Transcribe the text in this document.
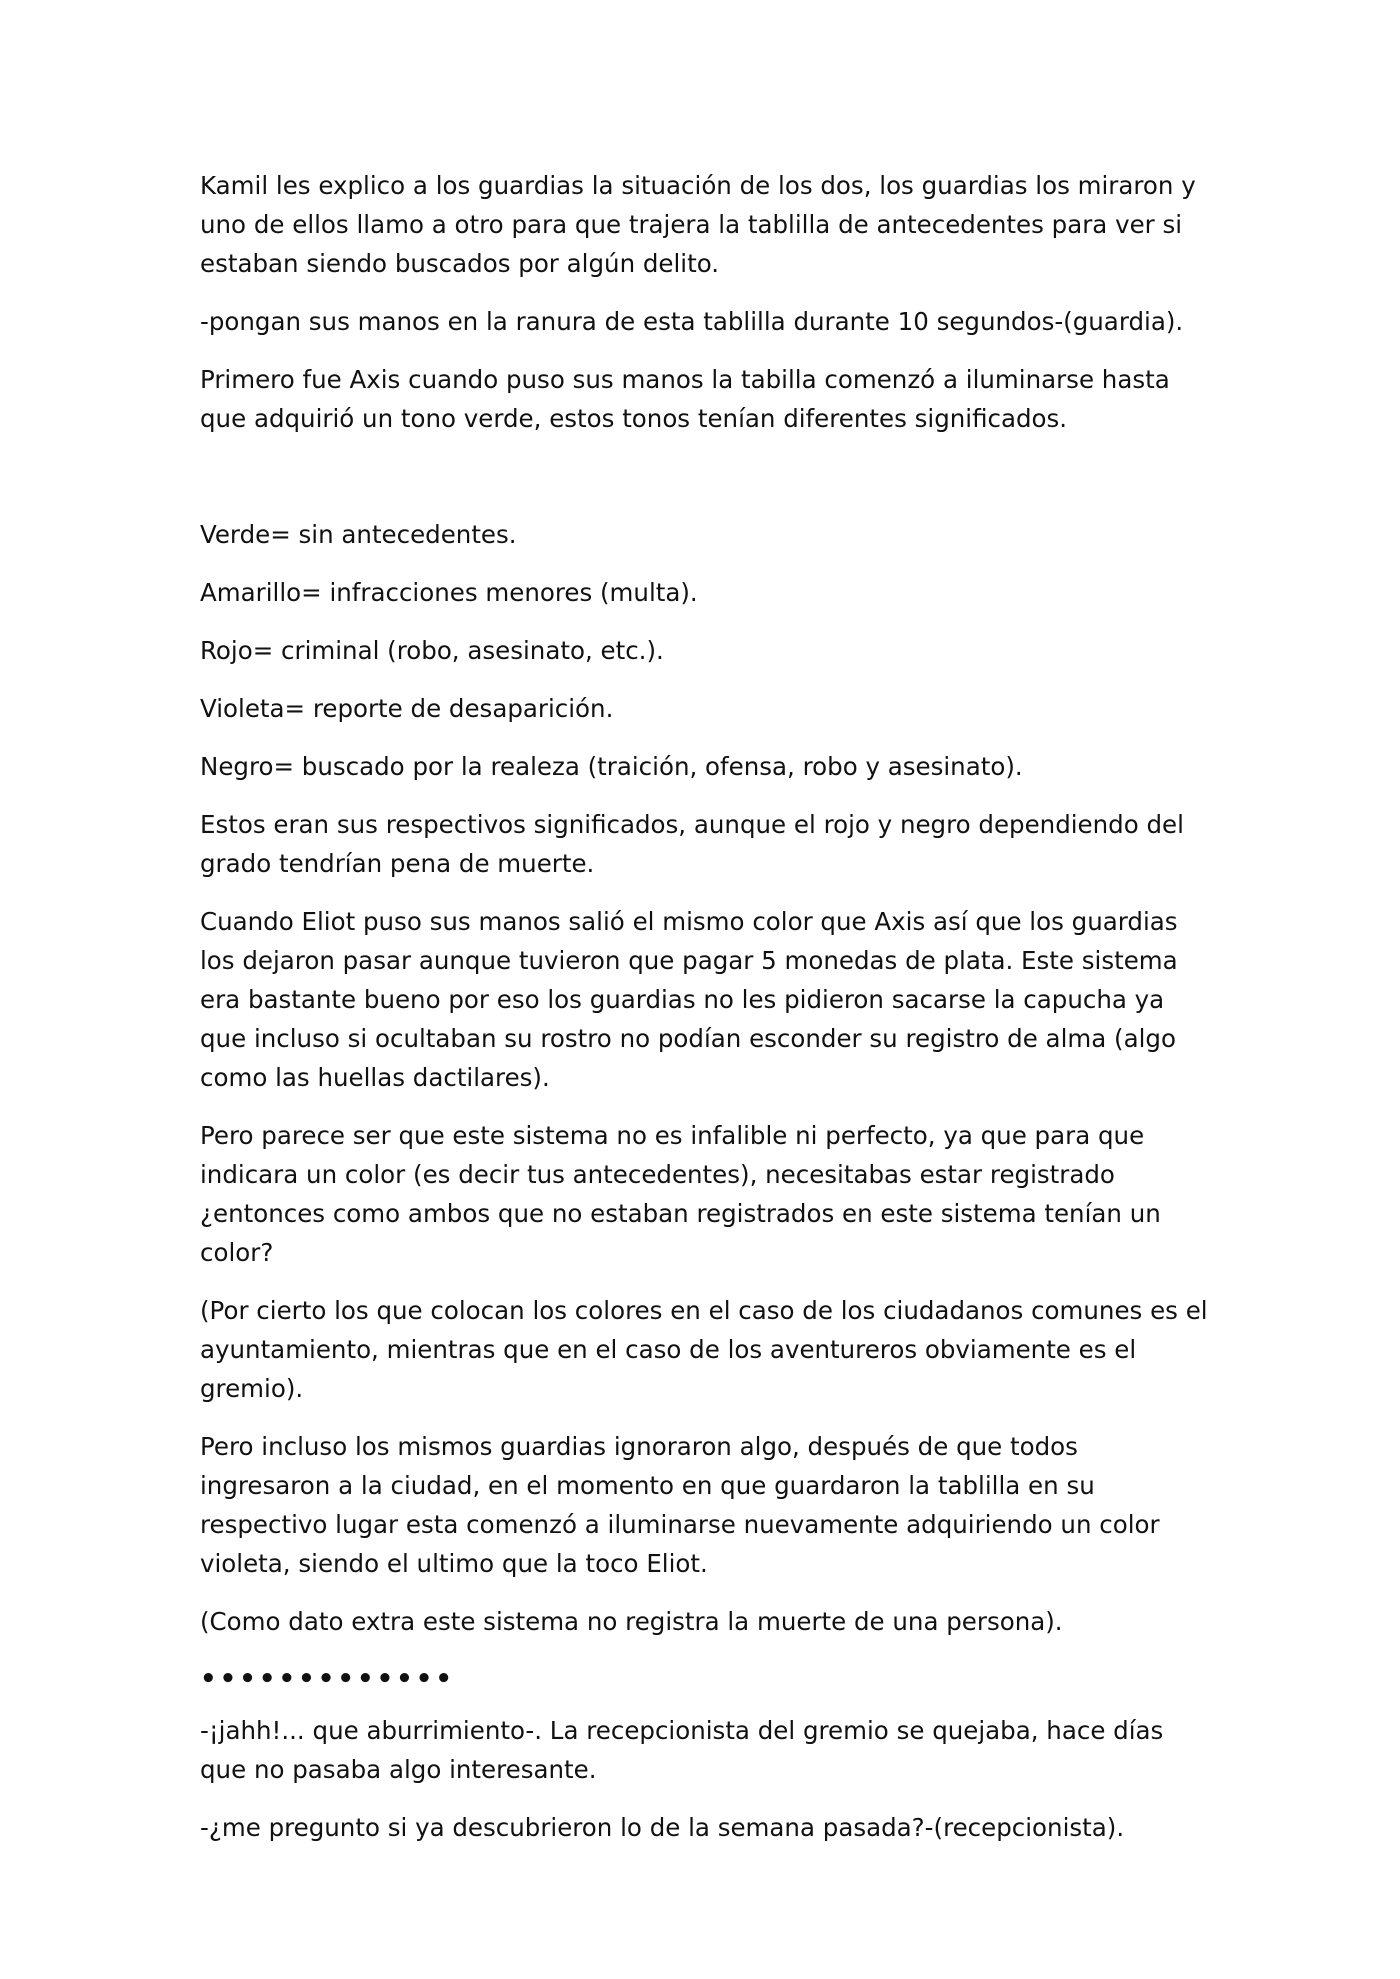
Kamil les explico a los guardias la situación de los dos, los guardias los miraron y uno de ellos llamo a otro para que trajera la tablilla de antecedentes para ver si estaban siendo buscados por algún delito.

-pongan sus manos en la ranura de esta tablilla durante 10 segundos-(guardia).

Primero fue Axis cuando puso sus manos la tabilla comenzó a iluminarse hasta que adquirió un tono verde, estos tonos tenían diferentes significados.

Verde= sin antecedentes.

Amarillo= infracciones menores (multa).

Rojo= criminal (robo, asesinato, etc.).

Violeta= reporte de desaparición.

Negro= buscado por la realeza (traición, ofensa, robo y asesinato).

Estos eran sus respectivos significados, aunque el rojo y negro dependiendo del grado tendrían pena de muerte.

Cuando Eliot puso sus manos salió el mismo color que Axis así que los guardias los dejaron pasar aunque tuvieron que pagar 5 monedas de plata. Este sistema era bastante bueno por eso los guardias no les pidieron sacarse la capucha ya que incluso si ocultaban su rostro no podían esconder su registro de alma (algo como las huellas dactilares).

Pero parece ser que este sistema no es infalible ni perfecto, ya que para que indicara un color (es decir tus antecedentes), necesitabas estar registrado ¿entonces como ambos que no estaban registrados en este sistema tenían un color?

(Por cierto los que colocan los colores en el caso de los ciudadanos comunes es el ayuntamiento, mientras que en el caso de los aventureros obviamente es el gremio).

Pero incluso los mismos guardias ignoraron algo, después de que todos ingresaron a la ciudad, en el momento en que guardaron la tablilla en su respectivo lugar esta comenzó a iluminarse nuevamente adquiriendo un color violeta, siendo el ultimo que la toco Eliot.

(Como dato extra este sistema no registra la muerte de una persona).

•••••••••••••

-¡jahh!... que aburrimiento-. La recepcionista del gremio se quejaba, hace días que no pasaba algo interesante.

-¿me pregunto si ya descubrieron lo de la semana pasada?-(recepcionista).
